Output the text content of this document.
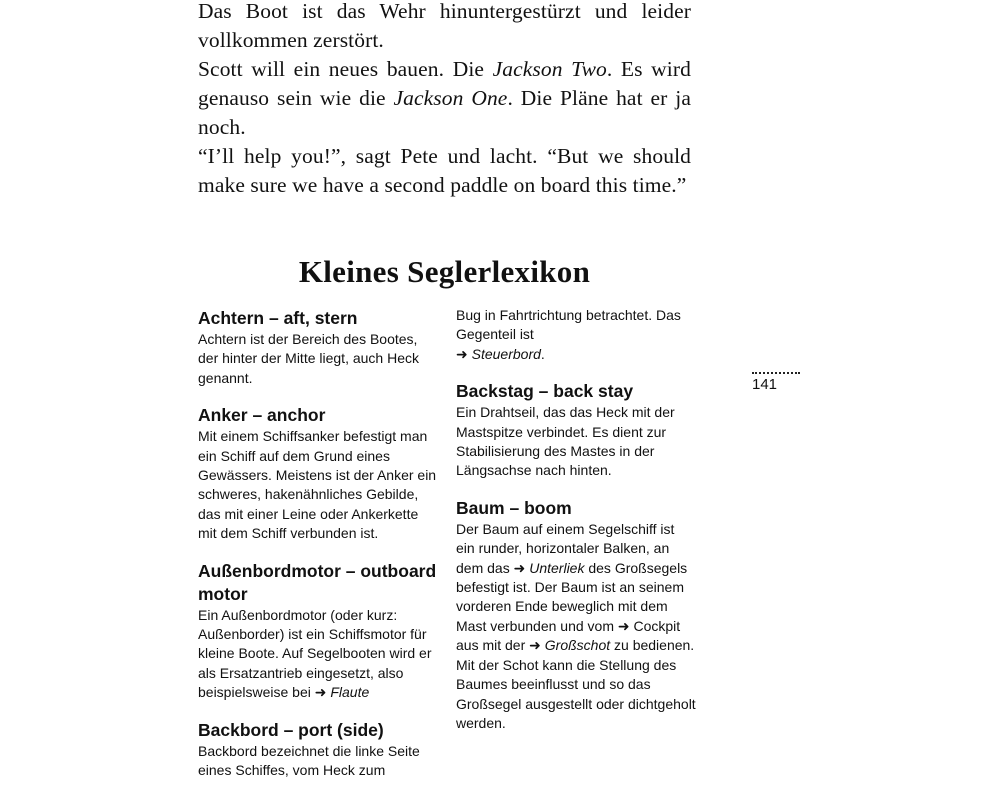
Das Boot ist das Wehr hinuntergestürzt und leider vollkommen zerstört.

Scott will ein neues bauen. Die Jackson Two. Es wird genauso sein wie die Jackson One. Die Pläne hat er ja noch.

“I’ll help you!”, sagt Pete und lacht. “But we should make sure we have a second paddle on board this time.”

Kleines Seglerlexikon

Achtern – aft, stern

Achtern ist der Bereich des Bootes, der hinter der Mitte liegt, auch Heck genannt.

Anker – anchor

Mit einem Schiffsanker befestigt man ein Schiff auf dem Grund eines Gewässers. Meistens ist der Anker ein schweres, hakenähnliches Gebilde, das mit einer Leine oder Ankerkette mit dem Schiff verbunden ist.

Außenbordmotor – outboard motor

Ein Außenbordmotor (oder kurz: Außenborder) ist ein Schiffsmotor für kleine Boote. Auf Segelbooten wird er als Ersatzantrieb eingesetzt, also beispielsweise bei ➜ Flaute

Backbord – port (side)

Backbord bezeichnet die linke Seite eines Schiffes, vom Heck zum

Bug in Fahrtrichtung betrachtet. Das Gegenteil ist
➜ Steuerbord.

Backstag – back stay

Ein Drahtseil, das das Heck mit der Mastspitze verbindet. Es dient zur Stabilisierung des Mastes in der Längsachse nach hinten.

Baum – boom

Der Baum auf einem Segelschiff ist ein runder, horizontaler Balken, an dem das ➜ Unterliek des Großsegels befestigt ist. Der Baum ist an seinem vorderen Ende beweglich mit dem Mast verbunden und vom ➜ Cockpit aus mit der ➜ Großschot zu bedienen. Mit der Schot kann die Stellung des Baumes beeinflusst und so das Großsegel ausgestellt oder dichtgeholt werden.

141
